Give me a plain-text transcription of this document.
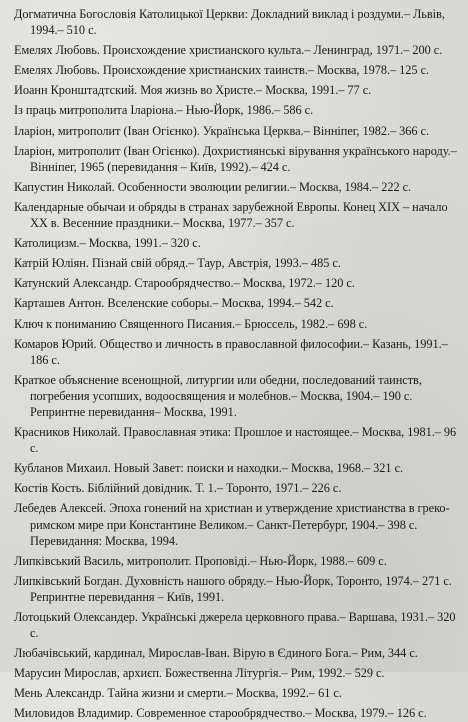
Догматична Богословія Католицької Церкви: Докладний виклад і роздуми.– Львів, 1994.– 510 с.
Емелях Любовь. Происхождение христианского культа.– Ленинград, 1971.– 200 с.
Емелях Любовь. Происхождение христианских таинств.– Москва, 1978.– 125 с.
Иоанн Кронштадтский. Моя жизнь во Христе.– Москва, 1991.– 77 с.
Із праць митрополита Іларіона.– Нью-Йорк, 1986.– 586 с.
Іларіон, митрополит (Іван Огієнко). Українська Церква.– Вінніпег, 1982.– 366 с.
Іларіон, митрополит (Іван Огієнко). Дохристиянські вірування українського народу.– Вінніпег, 1965 (перевидання – Київ, 1992).– 424 с.
Капустин Николай. Особенности эволюции религии.– Москва, 1984.– 222 с.
Календарные обычаи и обряды в странах зарубежной Европы. Конец XIX – начало XX в. Весенние праздники.– Москва, 1977.– 357 с.
Католицизм.– Москва, 1991.– 320 с.
Катрій Юліян. Пізнай свій обряд.– Таур, Австрія, 1993.– 485 с.
Катунский Александр. Старообрядчество.– Москва, 1972.– 120 с.
Карташев Антон. Вселенские соборы.– Москва, 1994.– 542 с.
Ключ к пониманию Священного Писания.– Брюссель, 1982.– 698 с.
Комаров Юрий. Общество и личность в православной философии.– Казань, 1991.– 186 с.
Краткое объяснение всенощной, литургии или обедни, последований таинств, погребения усопших, водоосвящения и молебнов.– Москва, 1904.– 190 с. Репринтне перевидання– Москва, 1991.
Красников Николай. Православная этика: Прошлое и настоящее.– Москва, 1981.– 96 с.
Кубланов Михаил. Новый Завет: поиски и находки.– Москва, 1968.– 321 с.
Костів Кость. Біблійний довідник. Т. 1.– Торонто, 1971.– 226 с.
Лебедев Алексей. Эпоха гонений на христиан и утверждение христианства в греко-римском мире при Константине Великом.– Санкт-Петербург, 1904.– 398 с. Перевидання: Москва, 1994.
Липківський Василь, митрополит. Проповіді.– Нью-Йорк, 1988.– 609 с.
Липківський Богдан. Духовність нашого обряду.– Нью-Йорк, Торонто, 1974.– 271 с. Репринтне перевидання – Київ, 1991.
Лотоцький Олександер. Українські джерела церковного права.– Варшава, 1931.– 320 с.
Любачівський, кардинал, Мирослав-Іван. Вірую в Єдиного Бога.– Рим, 344 с.
Марусин Мирослав, архиєп. Божественна Літургія.– Рим, 1992.– 529 с.
Мень Александр. Тайна жизни и смерти.– Москва, 1992.– 61 с.
Миловидов Владимир. Современное старообрядчество.– Москва, 1979.– 126 с.
